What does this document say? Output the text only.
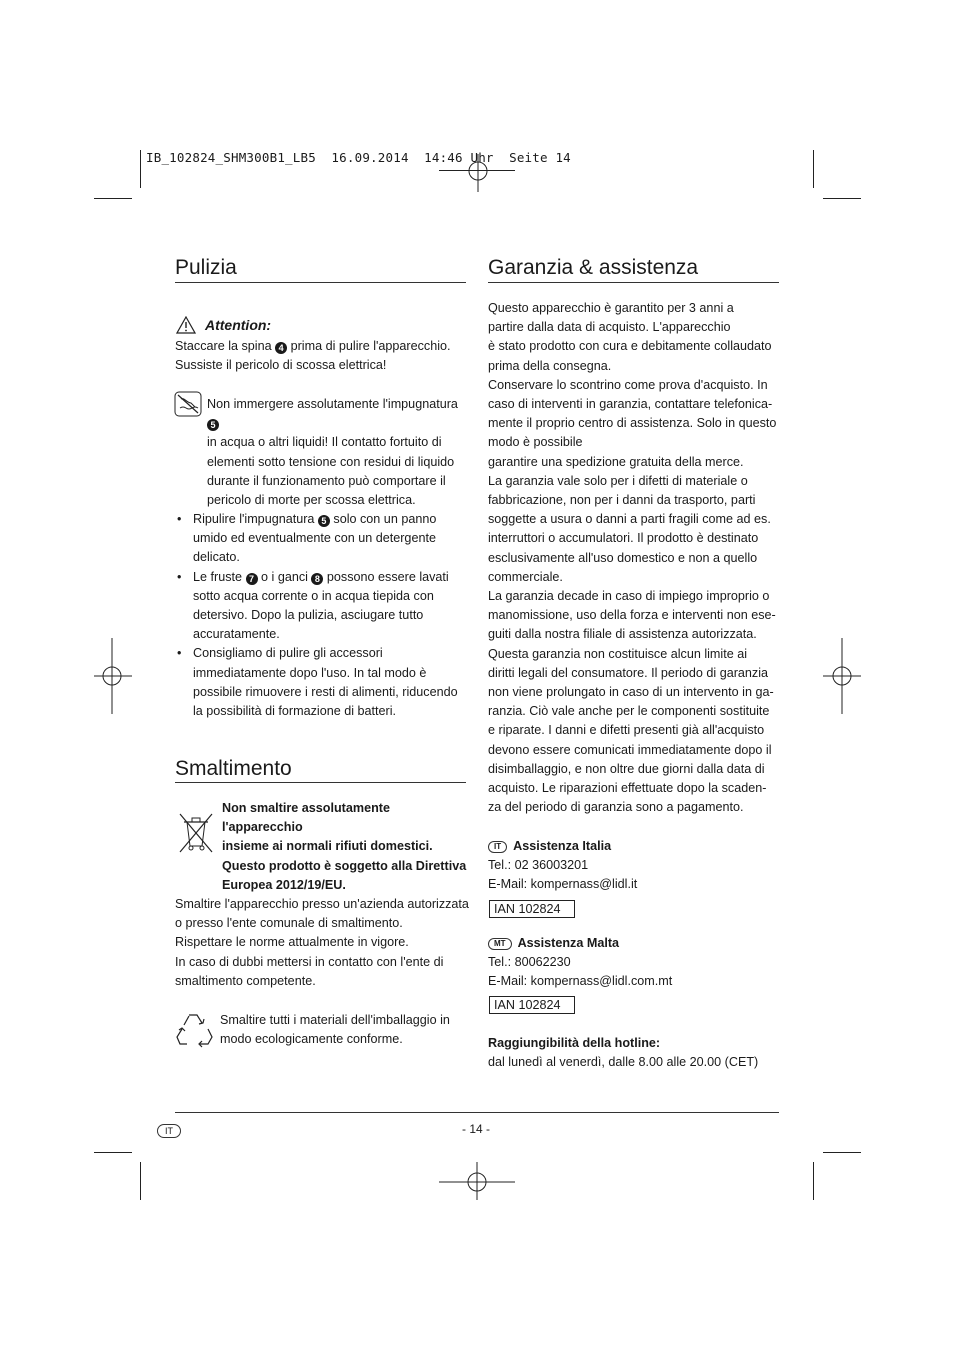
IB_102824_SHM300B1_LB5  16.09.2014  14:46 Uhr  Seite 14
Pulizia
Attention:

Staccare la spina 4 prima di pulire l'apparecchio.

Sussiste il pericolo di scossa elettrica!

Non immergere assolutamente l'impugnatura 5

in acqua o altri liquidi! Il contatto fortuito di elementi sotto tensione con residui di liquido durante il funzionamento può comportare il pericolo di morte per scossa elettrica.

• Ripulire l'impugnatura 5 solo con un panno umido ed eventualmente con un detergente delicato.
• Le fruste 7 o i ganci 8 possono essere lavati sotto acqua corrente o in acqua tiepida con detersivo. Dopo la pulizia, asciugare tutto accuratamente.
• Consigliamo di pulire gli accessori immediatamente dopo l'uso. In tal modo è possibile rimuovere i resti di alimenti, riducendo la possibilità di formazione di batteri.
Smaltimento

Non smaltire assolutamente l'apparecchio

insieme ai normali rifiuti domestici.

Questo prodotto è soggetto alla Direttiva

Europea 2012/19/EU.

Smaltire l'apparecchio presso un'azienda autorizzata

o presso l'ente comunale di smaltimento.

Rispettare le norme attualmente in vigore.

In caso di dubbi mettersi in contatto con l'ente di

smaltimento competente.

Smaltire tutti i materiali dell'imballaggio in

modo ecologicamente conforme.

Garanzia & assistenza

Questo apparecchio è garantito per 3 anni a

partire dalla data di acquisto. L'apparecchio

è stato prodotto con cura e debitamente collaudato

prima della consegna.

Conservare lo scontrino come prova d'acquisto. In

caso di interventi in garanzia, contattare telefonica-

mente il proprio centro di assistenza. Solo in questo

modo è possibile

garantire una spedizione gratuita della merce.

La garanzia vale solo per i difetti di materiale o

fabbricazione, non per i danni da trasporto, parti

soggette a usura o danni a parti fragili come ad es.

interruttori o accumulatori. Il prodotto è destinato

esclusivamente all'uso domestico e non a quello

commerciale.

La garanzia decade in caso di impiego improprio o

manomissione, uso della forza e interventi non ese-

guiti dalla nostra filiale di assistenza autorizzata.

Questa garanzia non costituisce alcun limite ai

diritti legali del consumatore. Il periodo di garanzia

non viene prolungato in caso di un intervento in ga-

ranzia. Ciò vale anche per le componenti sostituite

e riparate. I danni e difetti presenti già all'acquisto

devono essere comunicati immediatamente dopo il

disimballaggio, e non oltre due giorni dalla data di

acquisto. Le riparazioni effettuate dopo la scaden-

za del periodo di garanzia sono a pagamento.

IT Assistenza Italia

Tel.: 02 36003201

E-Mail: kompernass@lidl.it

IAN 102824

MT Assistenza Malta

Tel.: 80062230

E-Mail: kompernass@lidl.com.mt

IAN 102824

Raggiungibilità della hotline:

dal lunedì al venerdì, dalle 8.00 alle 20.00 (CET)

IT	- 14 -
